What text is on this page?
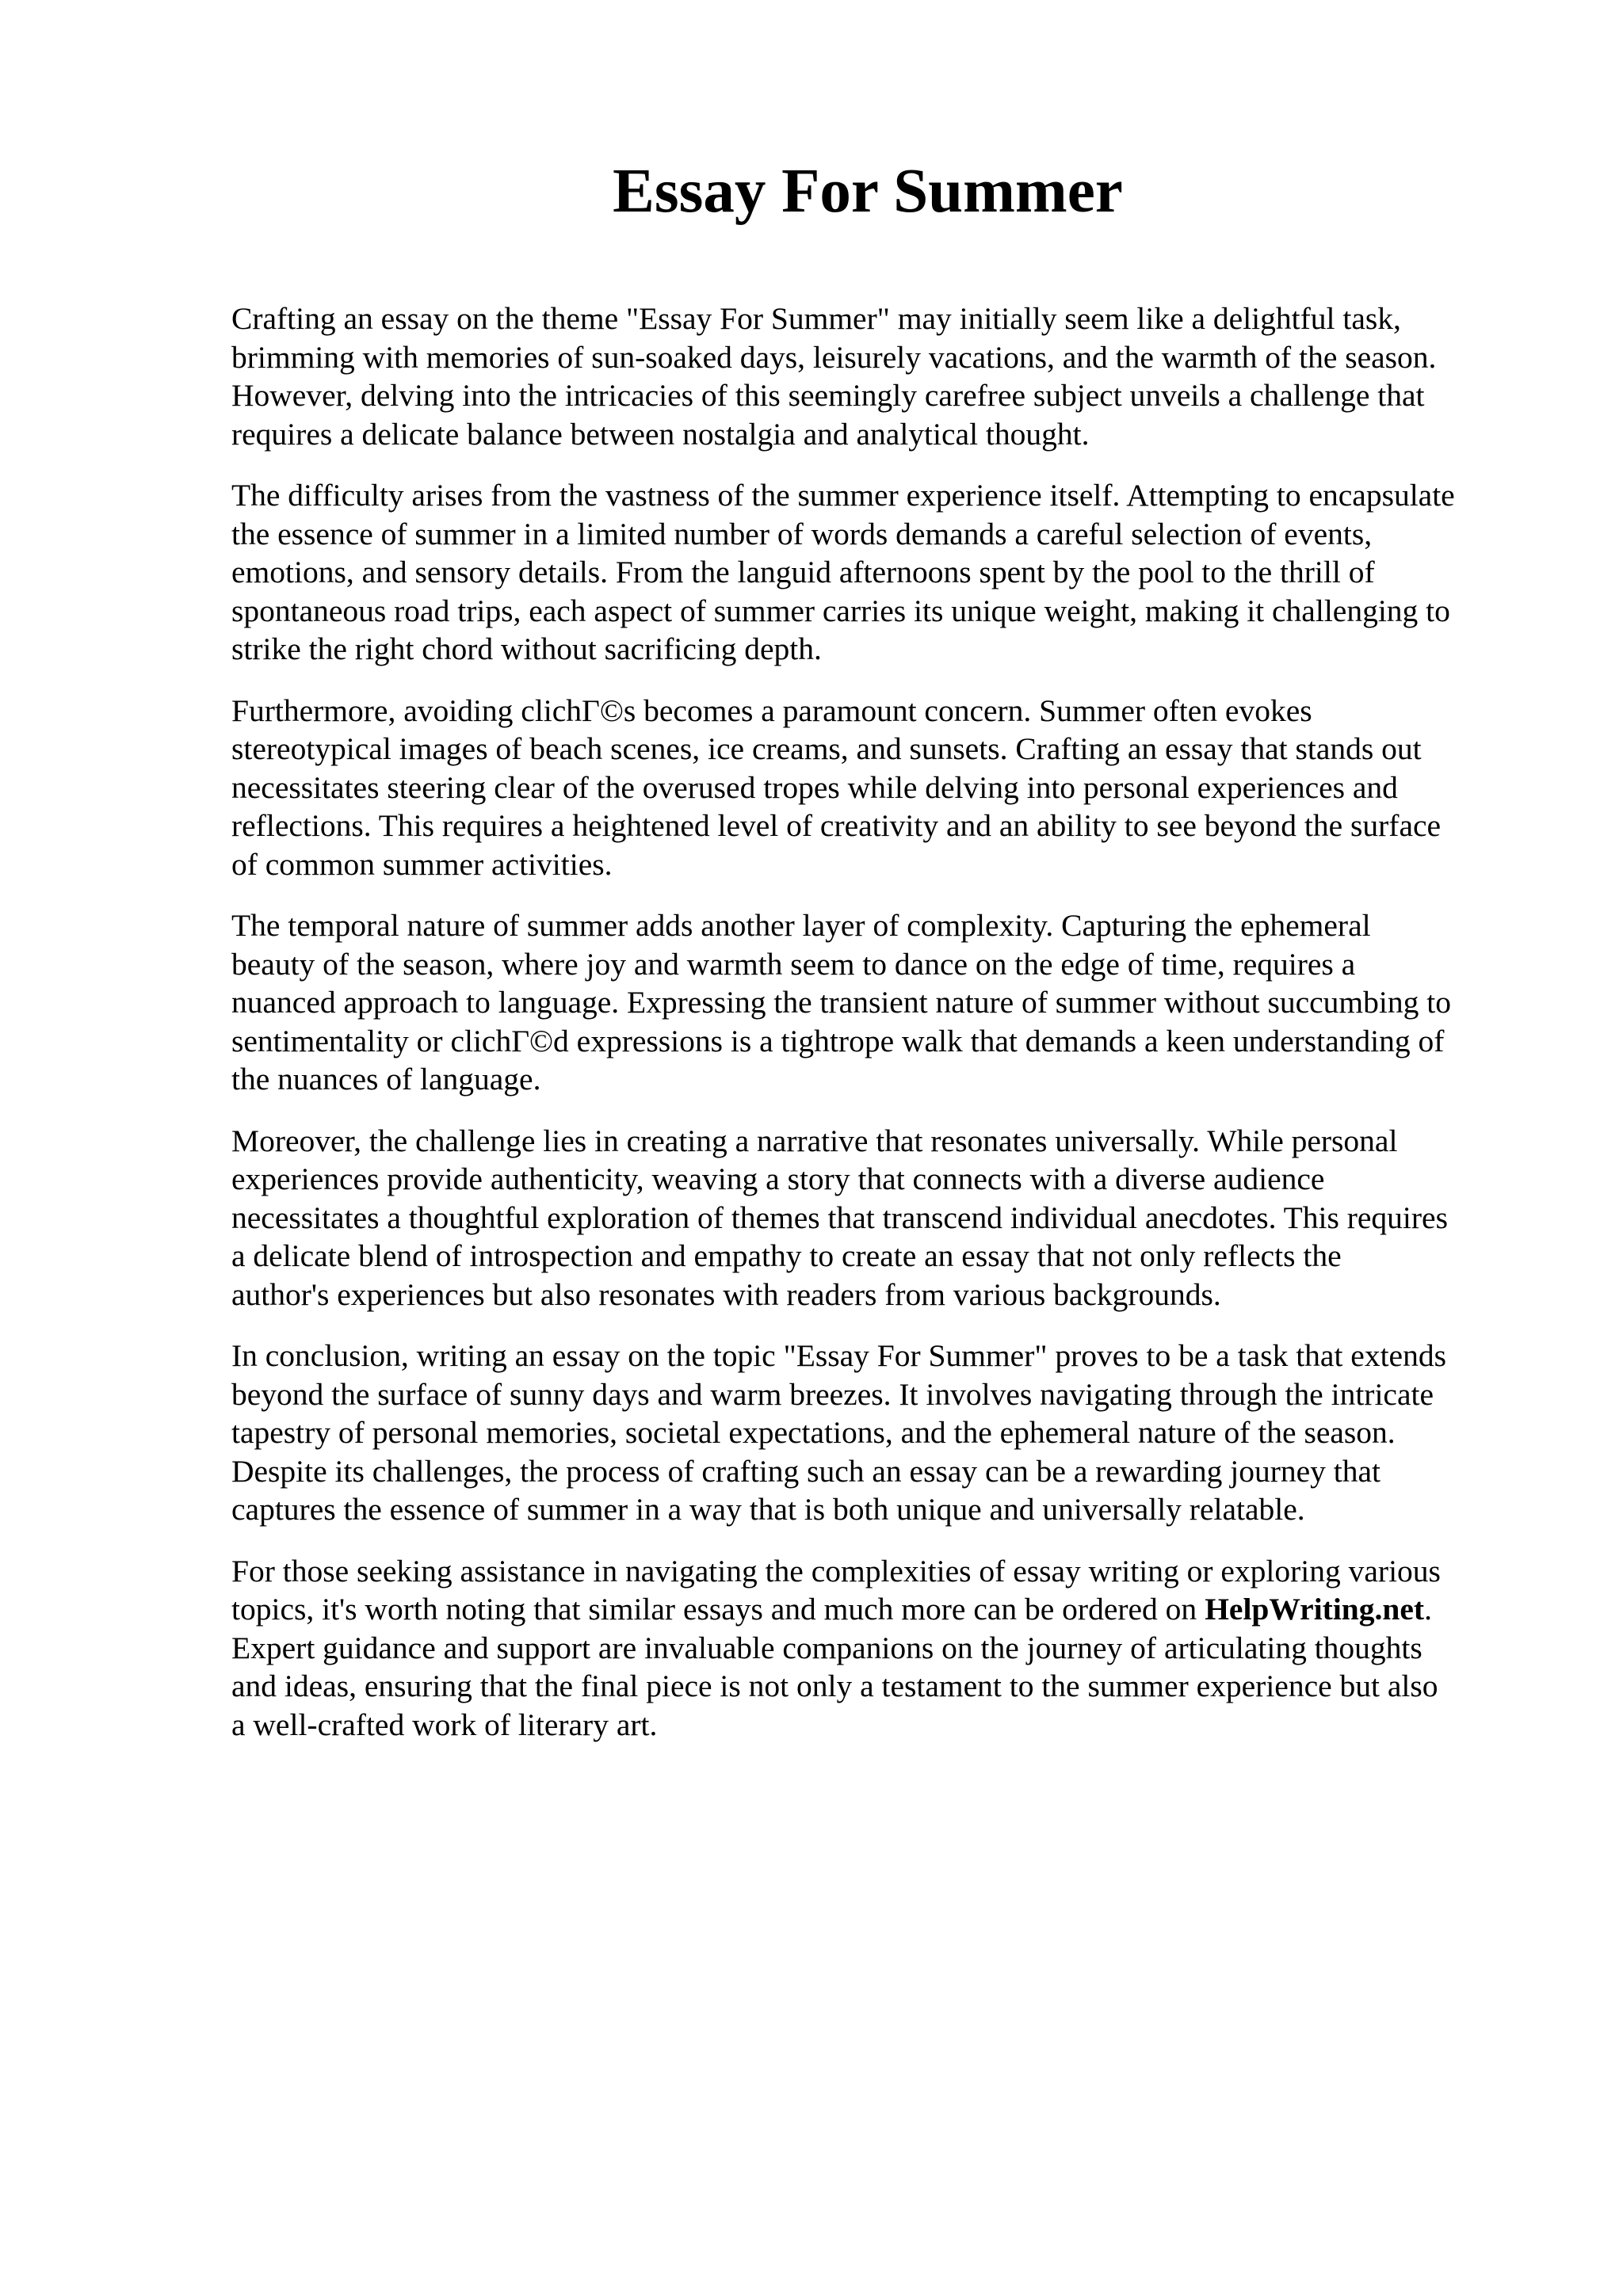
Essay For Summer

Crafting an essay on the theme "Essay For Summer" may initially seem like a delightful task,
brimming with memories of sun-soaked days, leisurely vacations, and the warmth of the season.
However, delving into the intricacies of this seemingly carefree subject unveils a challenge that
requires a delicate balance between nostalgia and analytical thought.

The difficulty arises from the vastness of the summer experience itself. Attempting to encapsulate
the essence of summer in a limited number of words demands a careful selection of events,
emotions, and sensory details. From the languid afternoons spent by the pool to the thrill of
spontaneous road trips, each aspect of summer carries its unique weight, making it challenging to
strike the right chord without sacrificing depth.

Furthermore, avoiding clichГ©s becomes a paramount concern. Summer often evokes
stereotypical images of beach scenes, ice creams, and sunsets. Crafting an essay that stands out
necessitates steering clear of the overused tropes while delving into personal experiences and
reflections. This requires a heightened level of creativity and an ability to see beyond the surface
of common summer activities.

The temporal nature of summer adds another layer of complexity. Capturing the ephemeral
beauty of the season, where joy and warmth seem to dance on the edge of time, requires a
nuanced approach to language. Expressing the transient nature of summer without succumbing to
sentimentality or clichГ©d expressions is a tightrope walk that demands a keen understanding of
the nuances of language.

Moreover, the challenge lies in creating a narrative that resonates universally. While personal
experiences provide authenticity, weaving a story that connects with a diverse audience
necessitates a thoughtful exploration of themes that transcend individual anecdotes. This requires
a delicate blend of introspection and empathy to create an essay that not only reflects the
author's experiences but also resonates with readers from various backgrounds.

In conclusion, writing an essay on the topic "Essay For Summer" proves to be a task that extends
beyond the surface of sunny days and warm breezes. It involves navigating through the intricate
tapestry of personal memories, societal expectations, and the ephemeral nature of the season.
Despite its challenges, the process of crafting such an essay can be a rewarding journey that
captures the essence of summer in a way that is both unique and universally relatable.

For those seeking assistance in navigating the complexities of essay writing or exploring various
topics, it's worth noting that similar essays and much more can be ordered on HelpWriting.net.
Expert guidance and support are invaluable companions on the journey of articulating thoughts
and ideas, ensuring that the final piece is not only a testament to the summer experience but also
a well-crafted work of literary art.
